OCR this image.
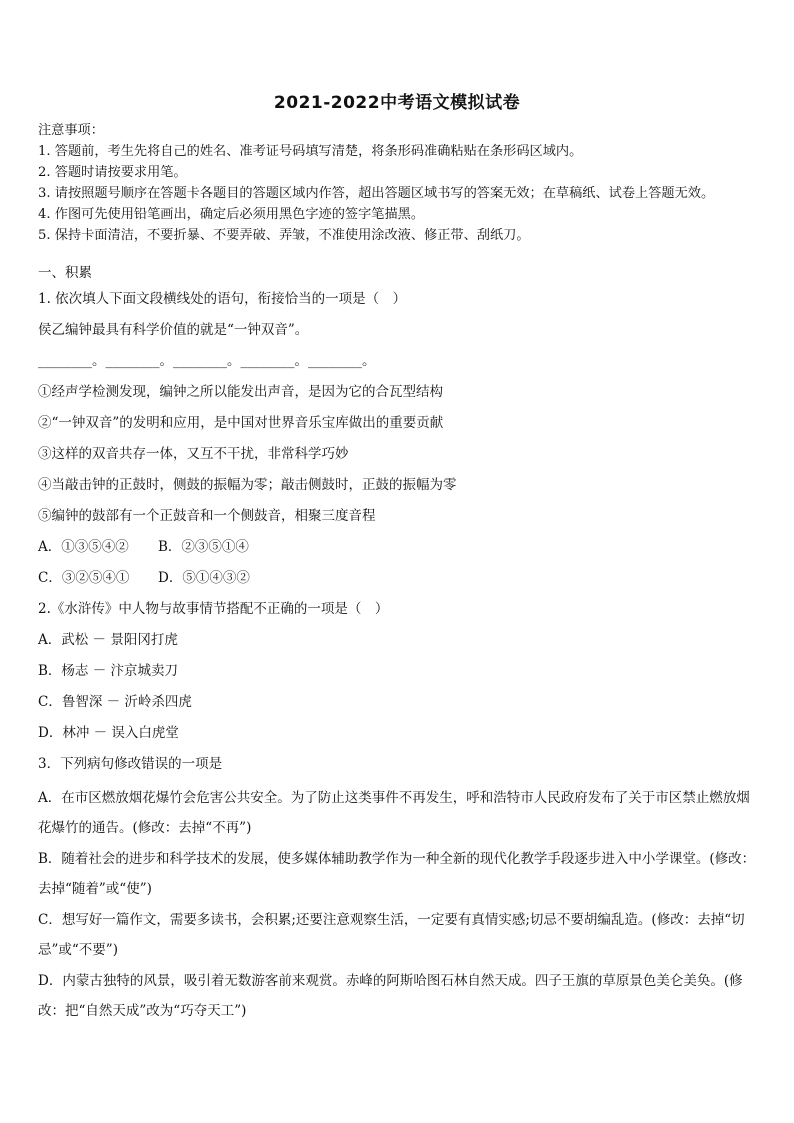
2021-2022中考语文模拟试卷
注意事项：
1. 答题前，考生先将自己的姓名、准考证号码填写清楚，将条形码准确粘贴在条形码区域内。
2. 答题时请按要求用笔。
3. 请按照题号顺序在答题卡各题目的答题区域内作答，超出答题区域书写的答案无效；在草稿纸、试卷上答题无效。
4. 作图可先使用铅笔画出，确定后必须用黑色字迹的签字笔描黑。
5. 保持卡面清洁，不要折暴、不要弄破、弄皱，不准使用涂改液、修正带、刮纸刀。
一、积累
1. 依次填人下面文段横线处的语句，衔接恰当的一项是（　）
侯乙编钟最具有科学价值的就是“一钟双音”。
________。________。________。________。________。
①经声学检测发现，编钟之所以能发出声音，是因为它的合瓦型结构
②“一钟双音”的发明和应用，是中国对世界音乐宝库做出的重要贡献
③这样的双音共存一体，又互不干扰，非常科学巧妙
④当敲击钟的正鼓时，侧鼓的振幅为零；敲击侧鼓时，正鼓的振幅为零
⑤编钟的鼓部有一个正鼓音和一个侧鼓音，相聚三度音程
A．①③⑤④②	B．②③⑤①④
C．③②⑤④①	D．⑤①④③②
2.《水浒传》中人物与故事情节搭配不正确的一项是（　）
A．武松 － 景阳冈打虎
B．杨志 － 汴京城卖刀
C．鲁智深 － 沂岭杀四虎
D．林冲 － 误入白虎堂
3．下列病句修改错误的一项是
A．在市区燃放烟花爆竹会危害公共安全。为了防止这类事件不再发生，呼和浩特市人民政府发布了关于市区禁止燃放烟花爆竹的通告。(修改：去掉“不再”)
B．随着社会的进步和科学技术的发展，使多媒体辅助教学作为一种全新的现代化教学手段逐步进入中小学课堂。(修改：去掉“随着”或“使”)
C．想写好一篇作文，需要多读书，会积累;还要注意观察生活，一定要有真情实感;切忌不要胡编乱造。(修改：去掉“切忌”或“不要”)
D．内蒙古独特的风景，吸引着无数游客前来观赏。赤峰的阿斯哈图石林自然天成。四子王旗的草原景色美仑美奂。(修改：把“自然天成”改为“巧夺天工”)
